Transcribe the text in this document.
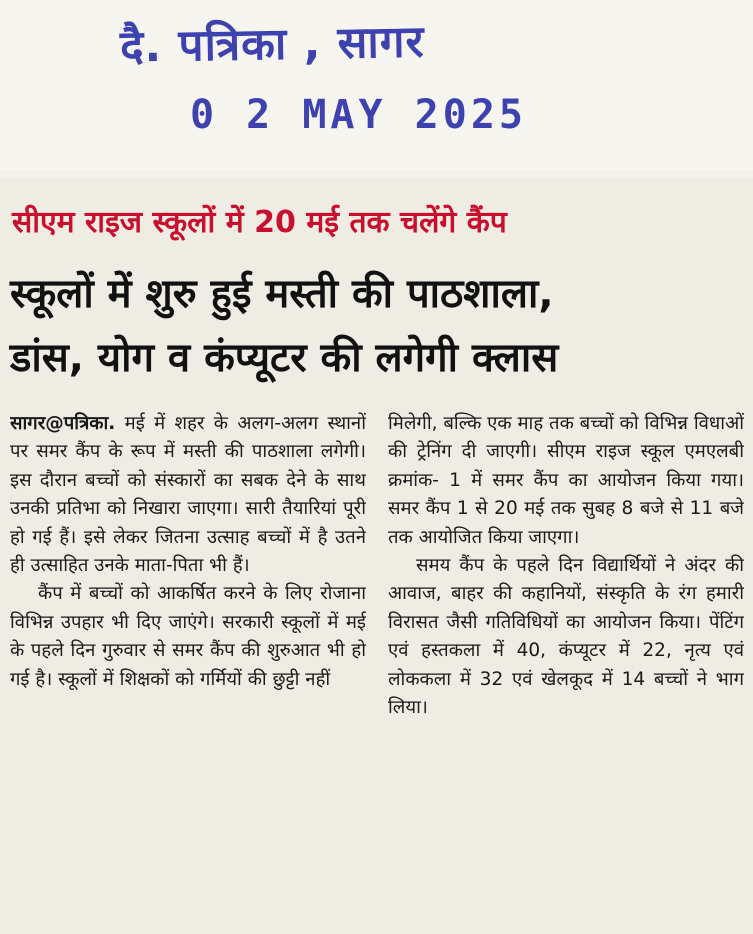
दै. पत्रिका , सागर
0 2 MAY 2025
सीएम राइज स्कूलों में 20 मई तक चलेंगे कैंप
स्कूलों में शुरु हुई मस्ती की पाठशाला,
डांस, योग व कंप्यूटर की लगेगी क्लास

सागर@पत्रिका. मई में शहर के अलग-अलग स्थानों पर समर कैंप के रूप में मस्ती की पाठशाला लगेगी। इस दौरान बच्चों को संस्कारों का सबक देने के साथ उनकी प्रतिभा को निखारा जाएगा। सारी तैयारियां पूरी हो गई हैं। इसे लेकर जितना उत्साह बच्चों में है उतने ही उत्साहित उनके माता-पिता भी हैं।

कैंप में बच्चों को आकर्षित करने के लिए रोजाना विभिन्न उपहार भी दिए जाएंगे। सरकारी स्कूलों में मई के पहले दिन गुरुवार से समर कैंप की शुरुआत भी हो गई है। स्कूलों में शिक्षकों को गर्मियों की छुट्टी नहीं

मिलेगी, बल्कि एक माह तक बच्चों को विभिन्न विधाओं की ट्रेनिंग दी जाएगी। सीएम राइज स्कूल एमएलबी क्रमांक- 1 में समर कैंप का आयोजन किया गया। समर कैंप 1 से 20 मई तक सुबह 8 बजे से 11 बजे तक आयोजित किया जाएगा।

समय कैंप के पहले दिन विद्यार्थियों ने अंदर की आवाज, बाहर की कहानियों, संस्कृति के रंग हमारी विरासत जैसी गतिविधियों का आयोजन किया। पेंटिंग एवं हस्तकला में 40, कंप्यूटर में 22, नृत्य एवं लोककला में 32 एवं खेलकूद में 14 बच्चों ने भाग लिया।
